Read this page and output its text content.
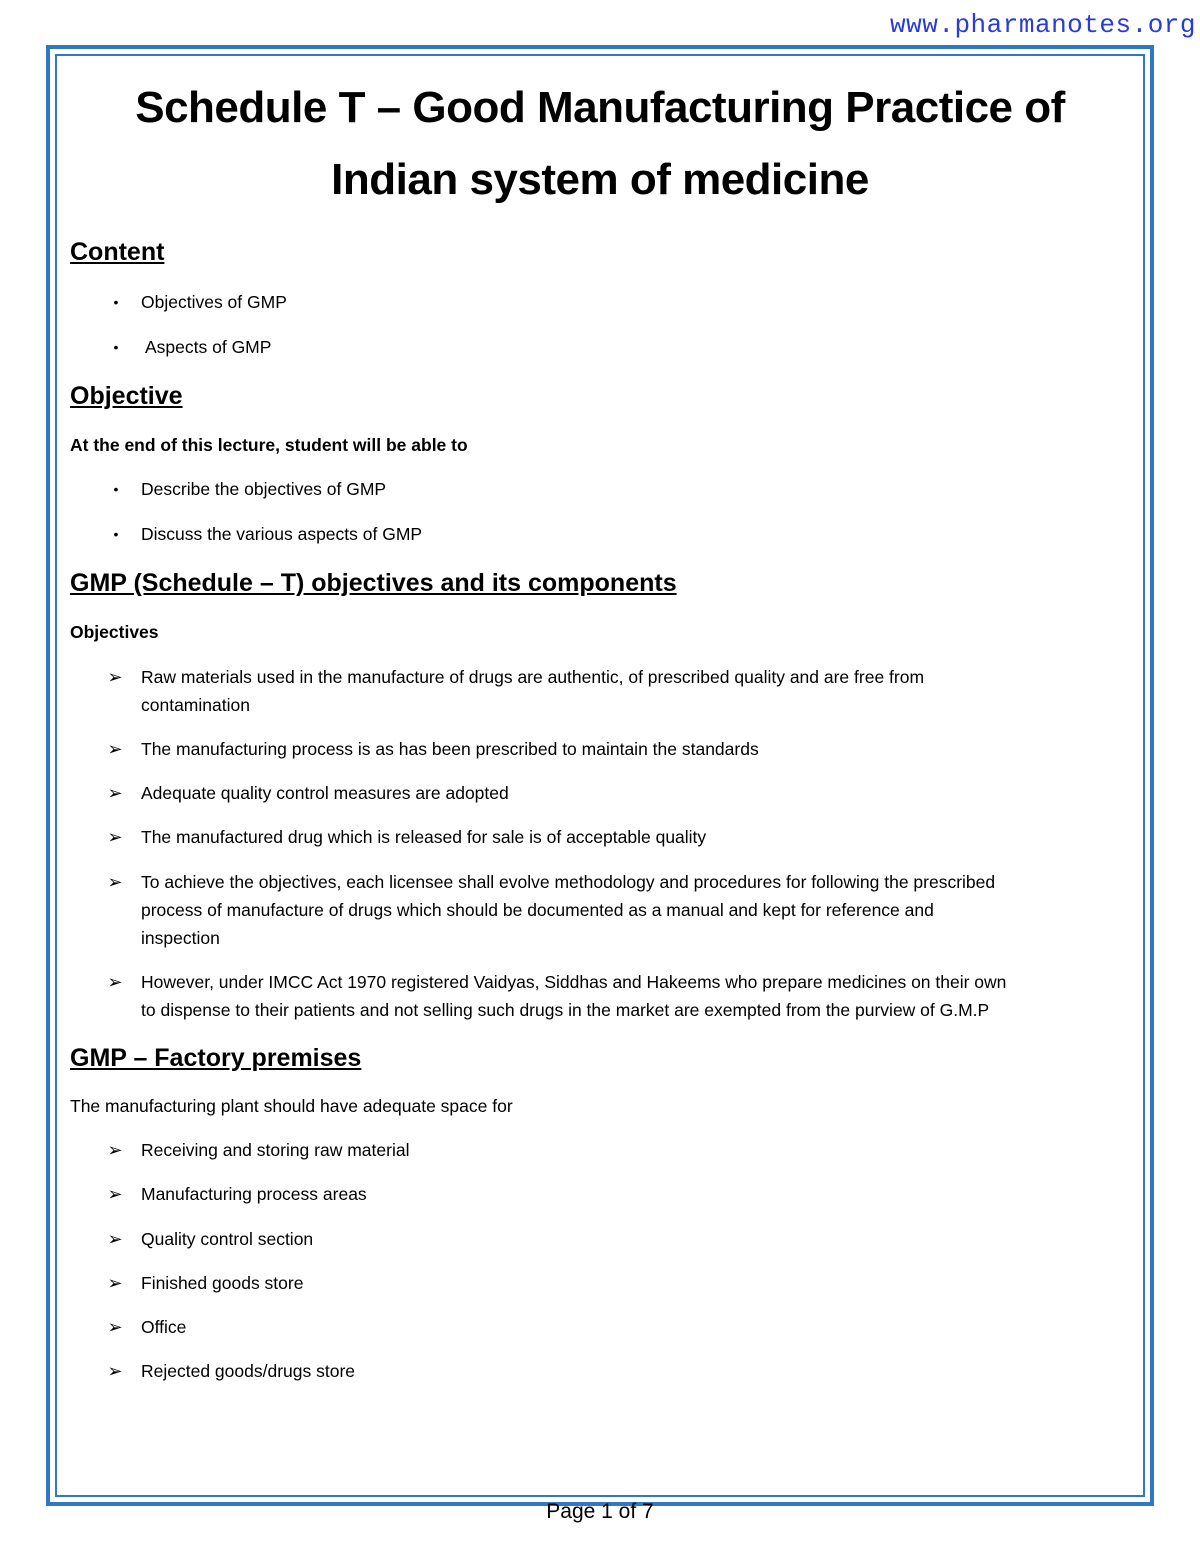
www.pharmanotes.org
Schedule T – Good Manufacturing Practice of
Indian system of medicine
Content
•	Objectives of GMP
•	Aspects of GMP
Objective

At the end of this lecture, student will be able to

•	Describe the objectives of GMP
•	Discuss the various aspects of GMP
GMP (Schedule – T) objectives and its components

Objectives

➢ Raw materials used in the manufacture of drugs are authentic, of prescribed quality and are free from
contamination
➢ The manufacturing process is as has been prescribed to maintain the standards
➢ Adequate quality control measures are adopted
➢ The manufactured drug which is released for sale is of acceptable quality
➢ To achieve the objectives, each licensee shall evolve methodology and procedures for following the prescribed
process of manufacture of drugs which should be documented as a manual and kept for reference and
inspection
➢ However, under IMCC Act 1970 registered Vaidyas, Siddhas and Hakeems who prepare medicines on their own
to dispense to their patients and not selling such drugs in the market are exempted from the purview of G.M.P
GMP – Factory premises

The manufacturing plant should have adequate space for

➢ Receiving and storing raw material
➢ Manufacturing process areas
➢ Quality control section
➢ Finished goods store
➢ Office
➢ Rejected goods/drugs store
Page 1 of 7
